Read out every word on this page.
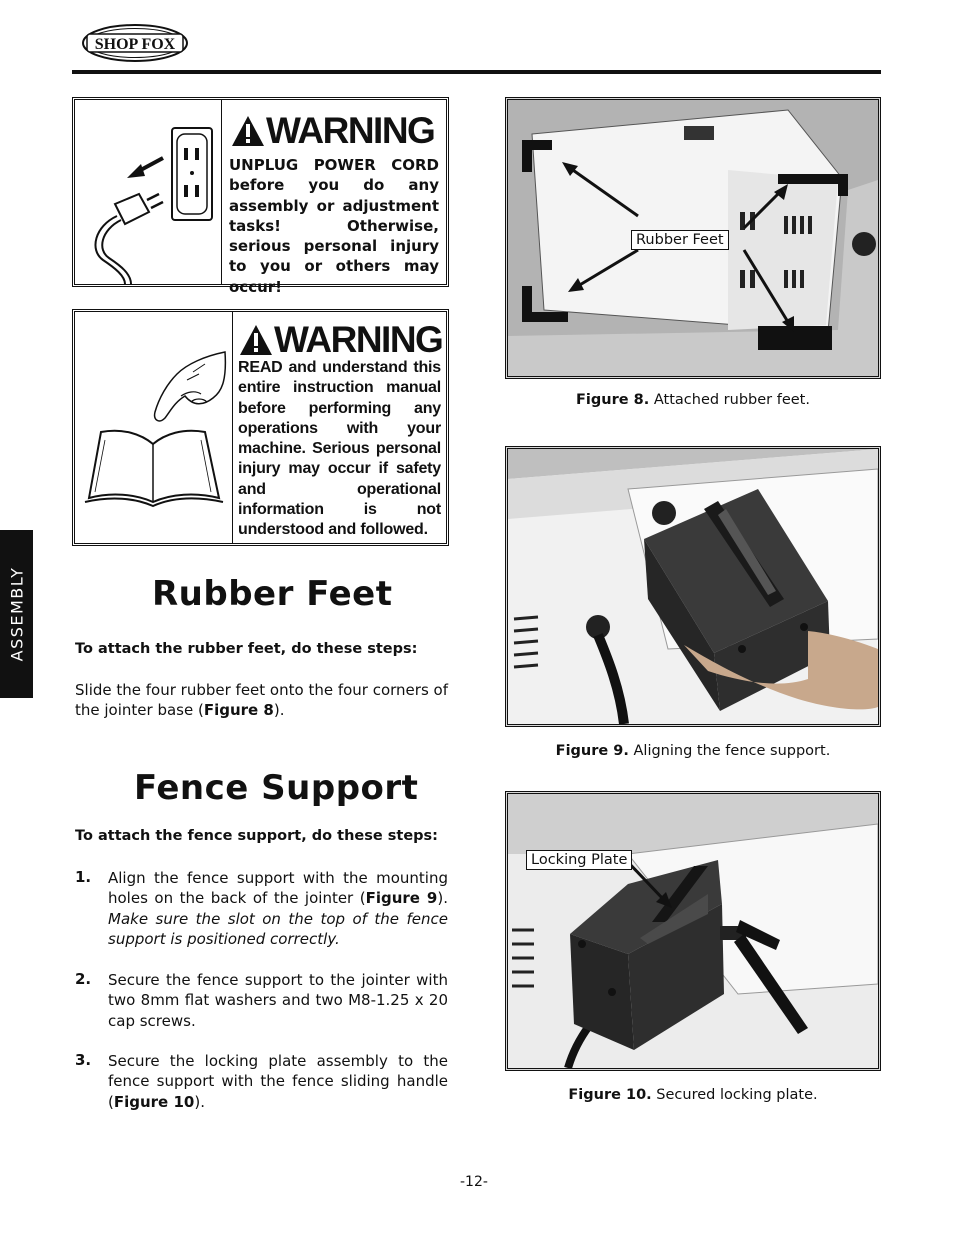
SHOP FOX
ASSEMBLY
WARNING
UNPLUG POWER CORD before you do any assembly or adjustment tasks! Otherwise, serious personal injury to you or others may occur!
WARNING
READ and understand this entire instruction manual before performing any operations with your machine. Serious personal injury may occur if safety and operational information is not understood and followed.
Rubber Feet
To attach the rubber feet, do these steps:
Slide the four rubber feet onto the four corners of the jointer base (Figure 8).
Fence Support
To attach the fence support, do these steps:
1. Align the fence support with the mounting holes on the back of the jointer (Figure 9). Make sure the slot on the top of the fence support is positioned correctly.
2. Secure the fence support to the jointer with two 8mm flat washers and two M8-1.25 x 20 cap screws.
3. Secure the locking plate assembly to the fence support with the fence sliding handle (Figure 10).
Rubber Feet
Figure 8. Attached rubber feet.
Figure 9. Aligning the fence support.
Locking Plate
Figure 10. Secured locking plate.
-12-
